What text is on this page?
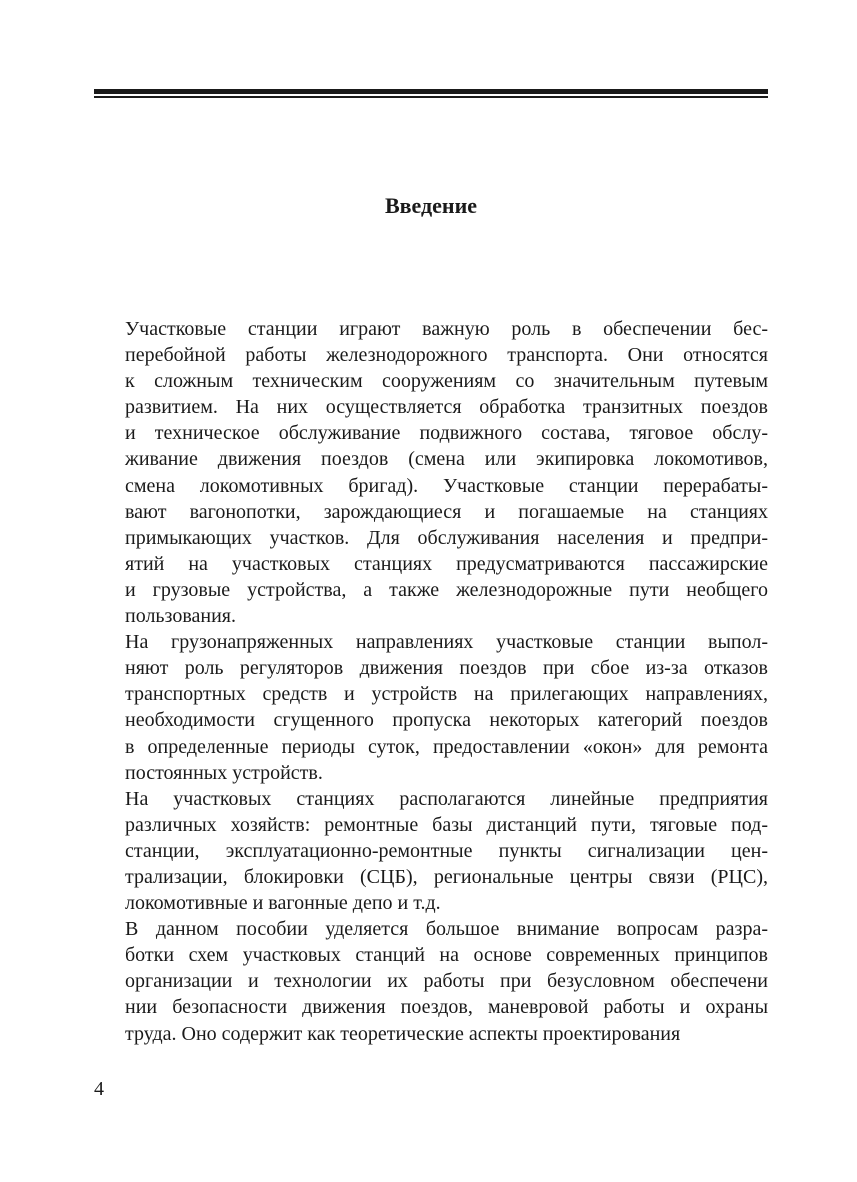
Введение

Участковые станции играют важную роль в обеспечении бес-
перебойной работы железнодорожного транспорта. Они относятся
к сложным техническим сооружениям со значительным путевым
развитием. На них осуществляется обработка транзитных поездов
и техническое обслуживание подвижного состава, тяговое обслу-
живание движения поездов (смена или экипировка локомотивов,
смена локомотивных бригад). Участковые станции перерабаты-
вают вагонопотки, зарождающиеся и погашаемые на станциях
примыкающих участков. Для обслуживания населения и предпри-
ятий на участковых станциях предусматриваются пассажирские
и грузовые устройства, а также железнодорожные пути необщего
пользования.

На грузонапряженных направлениях участковые станции выпол-
няют роль регуляторов движения поездов при сбое из-за отказов
транспортных средств и устройств на прилегающих направлениях,
необходимости сгущенного пропуска некоторых категорий поездов
в определенные периоды суток, предоставлении «окон» для ремонта
постоянных устройств.

На участковых станциях располагаются линейные предприятия
различных хозяйств: ремонтные базы дистанций пути, тяговые под-
станции, эксплуатационно-ремонтные пункты сигнализации цен-
трализации, блокировки (СЦБ), региональные центры связи (РЦС),
локомотивные и вагонные депо и т.д.

В данном пособии уделяется большое внимание вопросам разра-
ботки схем участковых станций на основе современных принципов
организации и технологии их работы при безусловном обеспечени
нии безопасности движения поездов, маневровой работы и охраны
труда. Оно содержит как теоретические аспекты проектирования

4
